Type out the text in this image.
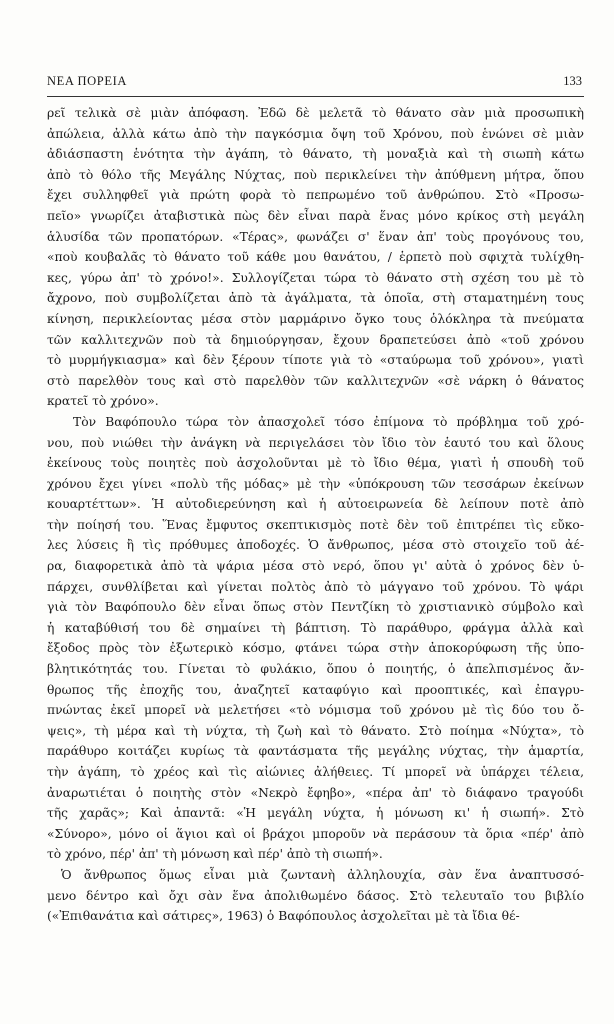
ΝΕΑ ΠΟΡΕΙΑ	133
ρεῖ τελικὰ σὲ μιὰν ἀπόφαση. Ἐδῶ δὲ μελετᾶ τὸ θάνατο σὰν μιὰ προσωπικὴ
ἀπώλεια, ἀλλὰ κάτω ἀπὸ τὴν παγκόσμια ὄψη τοῦ Χρόνου, ποὺ ἑνώνει σὲ μιὰν
ἀδιάσπαστη ἑνότητα τὴν ἀγάπη, τὸ θάνατο, τὴ μοναξιὰ καὶ τὴ σιωπὴ κάτω
ἀπὸ τὸ θόλο τῆς Μεγάλης Νύχτας, ποὺ περικλείνει τὴν ἀπύθμενη μήτρα, ὅπου
ἔχει συλληφθεῖ γιὰ πρώτη φορὰ τὸ πεπρωμένο τοῦ ἀνθρώπου. Στὸ «Προσω-
πεῖο» γνωρίζει ἀταβιστικὰ πὼς δὲν εἶναι παρὰ ἕνας μόνο κρίκος στὴ μεγάλη
ἁλυσίδα τῶν προπατόρων. «Τέρας», φωνάζει σ' ἕναν ἀπ' τοὺς προγόνους του,
«ποὺ κουβαλᾶς τὸ θάνατο τοῦ κάθε μου θανάτου, / ἑρπετὸ ποὺ σφιχτὰ τυλίχθη-
κες, γύρω ἀπ' τὸ χρόνο!». Συλλογίζεται τώρα τὸ θάνατο στὴ σχέση του μὲ τὸ
ἄχρονο, ποὺ συμβολίζεται ἀπὸ τὰ ἀγάλματα, τὰ ὁποῖα, στὴ σταματημένη τους
κίνηση, περικλείοντας μέσα στὸν μαρμάρινο ὄγκο τους ὁλόκληρα τὰ πνεύματα
τῶν καλλιτεχνῶν ποὺ τὰ δημιούργησαν, ἔχουν δραπετεύσει ἀπὸ «τοῦ χρόνου
τὸ μυρμήγκιασμα» καὶ δὲν ξέρουν τίποτε γιὰ τὸ «σταύρωμα τοῦ χρόνου», γιατὶ
στὸ παρελθὸν τους καὶ στὸ παρελθὸν τῶν καλλιτεχνῶν «σὲ νάρκη ὁ θάνατος
κρατεῖ τὸ χρόνο».
Τὸν Βαφόπουλο τώρα τὸν ἀπασχολεῖ τόσο ἐπίμονα τὸ πρόβλημα τοῦ χρό-
νου, ποὺ νιώθει τὴν ἀνάγκη νὰ περιγελάσει τὸν ἴδιο τὸν ἑαυτό του καὶ ὅλους
ἐκείνους τοὺς ποιητὲς ποὺ ἀσχολοῦνται μὲ τὸ ἴδιο θέμα, γιατὶ ἡ σπουδὴ τοῦ
χρόνου ἔχει γίνει «πολὺ τῆς μόδας» μὲ τὴν «ὑπόκρουση τῶν τεσσάρων ἐκείνων
κουαρτέττων». Ἡ αὐτοδιερεύνηση καὶ ἡ αὐτοειρωνεία δὲ λείπουν ποτὲ ἀπὸ
τὴν ποίησή του. Ἕνας ἔμφυτος σκεπτικισμὸς ποτὲ δὲν τοῦ ἐπιτρέπει τὶς εὔκο-
λες λύσεις ἢ τὶς πρόθυμες ἀποδοχές. Ὁ ἄνθρωπος, μέσα στὸ στοιχεῖο τοῦ ἀέ-
ρα, διαφορετικὰ ἀπὸ τὰ ψάρια μέσα στὸ νερό, ὅπου γι' αὐτὰ ὁ χρόνος δὲν ὑ-
πάρχει, συνθλίβεται καὶ γίνεται πολτὸς ἀπὸ τὸ μάγγανο τοῦ χρόνου. Τὸ ψάρι
γιὰ τὸν Βαφόπουλο δὲν εἶναι ὅπως στὸν Πεντζίκη τὸ χριστιανικὸ σύμβολο καὶ
ἡ καταβύθισή του δὲ σημαίνει τὴ βάπτιση. Τὸ παράθυρο, φράγμα ἀλλὰ καὶ
ἔξοδος πρὸς τὸν ἐξωτερικὸ κόσμο, φτάνει τώρα στὴν ἀποκορύφωση τῆς ὑπο-
βλητικότητάς του. Γίνεται τὸ φυλάκιο, ὅπου ὁ ποιητής, ὁ ἀπελπισμένος ἄν-
θρωπος τῆς ἐποχῆς του, ἀναζητεῖ καταφύγιο καὶ προοπτικές, καὶ ἐπαγρυ-
πνώντας ἐκεῖ μπορεῖ νὰ μελετήσει «τὸ νόμισμα τοῦ χρόνου μὲ τὶς δύο του ὄ-
ψεις», τὴ μέρα καὶ τὴ νύχτα, τὴ ζωὴ καὶ τὸ θάνατο. Στὸ ποίημα «Νύχτα», τὸ
παράθυρο κοιτάζει κυρίως τὰ φαντάσματα τῆς μεγάλης νύχτας, τὴν ἁμαρτία,
τὴν ἀγάπη, τὸ χρέος καὶ τὶς αἰώνιες ἀλήθειες. Τί μπορεῖ νὰ ὑπάρχει τέλεια,
ἀναρωτιέται ὁ ποιητὴς στὸν «Νεκρὸ ἔφηβο», «πέρα ἀπ' τὸ διάφανο τραγούδι
τῆς χαρᾶς»; Καὶ ἀπαντᾶ: «Ἡ μεγάλη νύχτα, ἡ μόνωση κι' ἡ σιωπή». Στὸ
«Σύνορο», μόνο οἱ ἅγιοι καὶ οἱ βράχοι μποροῦν νὰ περάσουν τὰ ὅρια «πέρ' ἀπὸ
τὸ χρόνο, πέρ' ἀπ' τὴ μόνωση καὶ πέρ' ἀπὸ τὴ σιωπή».
Ὁ ἄνθρωπος ὅμως εἶναι μιὰ ζωντανὴ ἀλληλουχία, σὰν ἕνα ἀναπτυσσό-
μενο δέντρο καὶ ὄχι σὰν ἕνα ἀπολιθωμένο δάσος. Στὸ τελευταῖο του βιβλίο
(«Ἐπιθανάτια καὶ σάτιρες», 1963) ὁ Βαφόπουλος ἀσχολεῖται μὲ τὰ ἴδια θέ-
